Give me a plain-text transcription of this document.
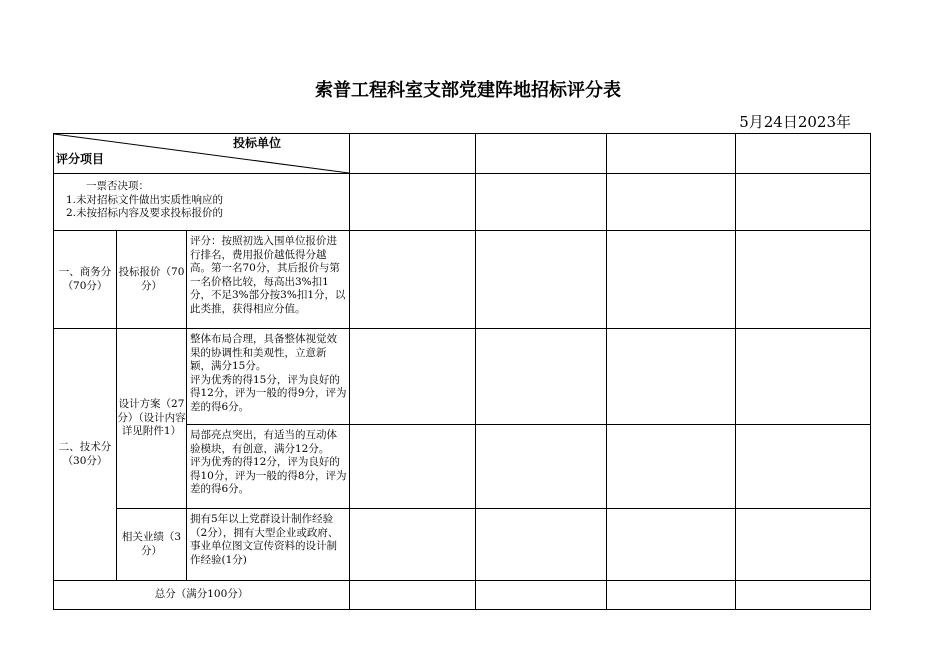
索普工程科室支部党建阵地招标评分表
5月24日2023年
投标单位
评分项目						

一票否决项：
1.未对招标文件做出实质性响应的
2.未按招标内容及要求投标报价的						

一、商务分（70分）	投标报价（70分）	评分：按照初选入围单位报价进行排名，费用报价越低得分越高。第一名70分，其后报价与第一名价格比较，每高出3%扣1分，不足3%部分按3%扣1分，以此类推，获得相应分值。				
二、技术分（30分）	设计方案（27分）（设计内容详见附件1）	整体布局合理，具备整体视觉效果的协调性和美观性，立意新颖，满分15分。
评为优秀的得15分，评为良好的得12分，评为一般的得9分，评为差的得6分。				
		局部亮点突出，有适当的互动体验模块，有创意，满分12分。
评为优秀的得12分，评为良好的得10分，评为一般的得8分，评为差的得6分。				
	相关业绩（3分）	拥有5年以上党群设计制作经验（2分），拥有大型企业或政府、事业单位图文宣传资料的设计制作经验(1分)				
总分（满分100分）						
